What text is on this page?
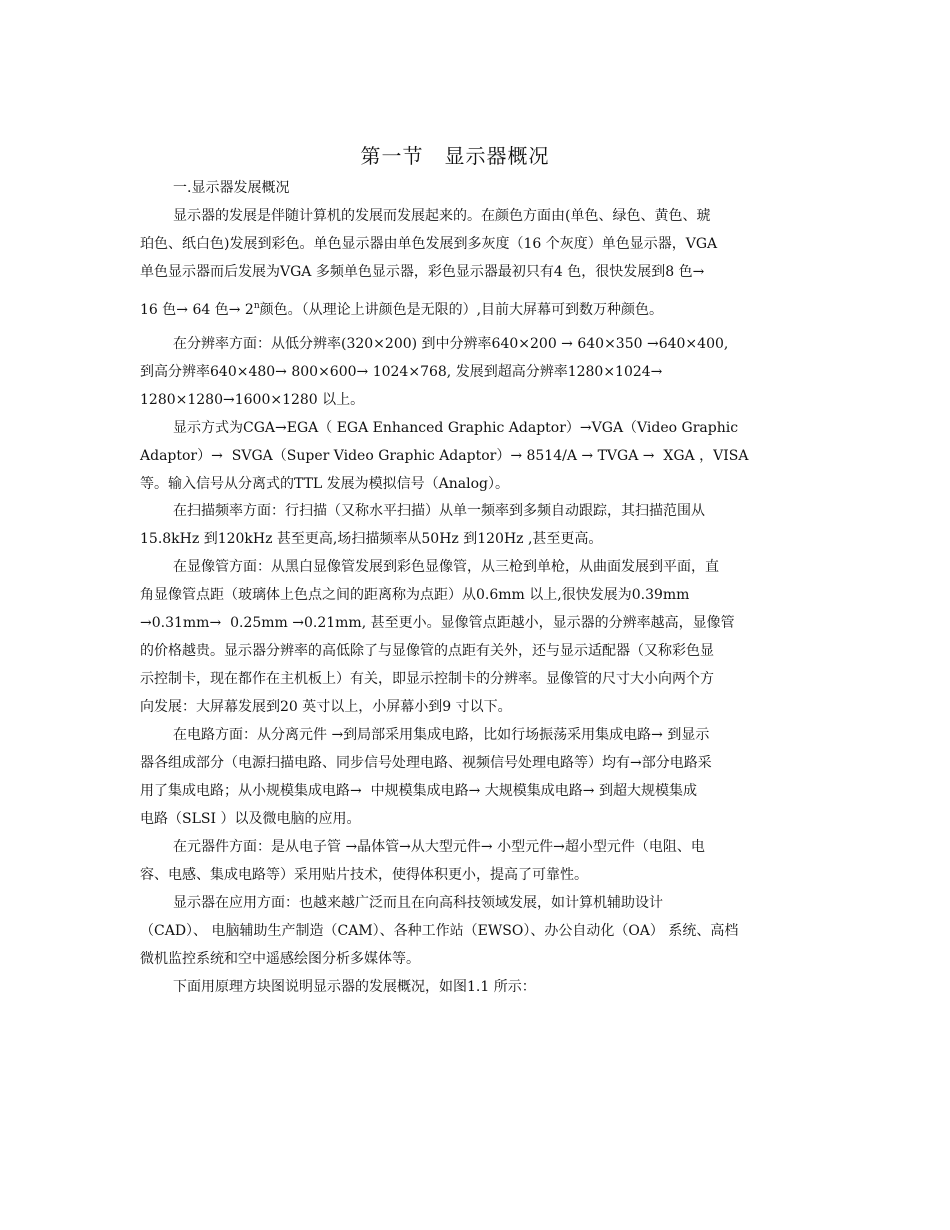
第一节　显示器概况
一.显示器发展概况
显示器的发展是伴随计算机的发展而发展起来的。在颜色方面由(单色、绿色、黄色、琥
珀色、纸白色)发展到彩色。单色显示器由单色发展到多灰度（16 个灰度）单色显示器，VGA
单色显示器而后发展为VGA 多频单色显示器，彩色显示器最初只有4 色，很快发展到8 色→
16 色→ 64 色→ $2^n$颜色。（从理论上讲颜色是无限的）,目前大屏幕可到数万种颜色。
在分辨率方面：从低分辨率(320×200) 到中分辨率640×200 → 640×350 →640×400,
到高分辨率640×480→ 800×600→ 1024×768, 发展到超高分辨率1280×1024→
1280×1280→1600×1280 以上。
显示方式为CGA→EGA（ EGA Enhanced Graphic Adaptor）→VGA（Video Graphic
Adaptor）→  SVGA（Super Video Graphic Adaptor）→ 8514/A → TVGA →  XGA ，VISA
等。输入信号从分离式的TTL 发展为模拟信号（Analog）。
在扫描频率方面：行扫描（又称水平扫描）从单一频率到多频自动跟踪，其扫描范围从
15.8kHz 到120kHz 甚至更高,场扫描频率从50Hz 到120Hz ,甚至更高。
在显像管方面：从黑白显像管发展到彩色显像管，从三枪到单枪，从曲面发展到平面，直
角显像管点距（玻璃体上色点之间的距离称为点距）从0.6mm 以上,很快发展为0.39mm
→0.31mm→  0.25mm →0.21mm, 甚至更小。显像管点距越小，显示器的分辨率越高，显像管
的价格越贵。显示器分辨率的高低除了与显像管的点距有关外，还与显示适配器（又称彩色显
示控制卡，现在都作在主机板上）有关，即显示控制卡的分辨率。显像管的尺寸大小向两个方
向发展：大屏幕发展到20 英寸以上，小屏幕小到9 寸以下。
在电路方面：从分离元件 →到局部采用集成电路，比如行场振荡采用集成电路→ 到显示
器各组成部分（电源扫描电路、同步信号处理电路、视频信号处理电路等）均有→部分电路采
用了集成电路；从小规模集成电路→  中规模集成电路→ 大规模集成电路→ 到超大规模集成
电路（SLSI ）以及微电脑的应用。
在元器件方面：是从电子管 →晶体管→从大型元件→ 小型元件→超小型元件（电阻、电
容、电感、集成电路等）采用贴片技术，使得体积更小，提高了可靠性。
显示器在应用方面：也越来越广泛而且在向高科技领域发展，如计算机辅助设计
（CAD）、 电脑辅助生产制造（CAM）、各种工作站（EWSO）、办公自动化（OA） 系统、高档
微机监控系统和空中遥感绘图分析多媒体等。
下面用原理方块图说明显示器的发展概况，如图1.1 所示：
